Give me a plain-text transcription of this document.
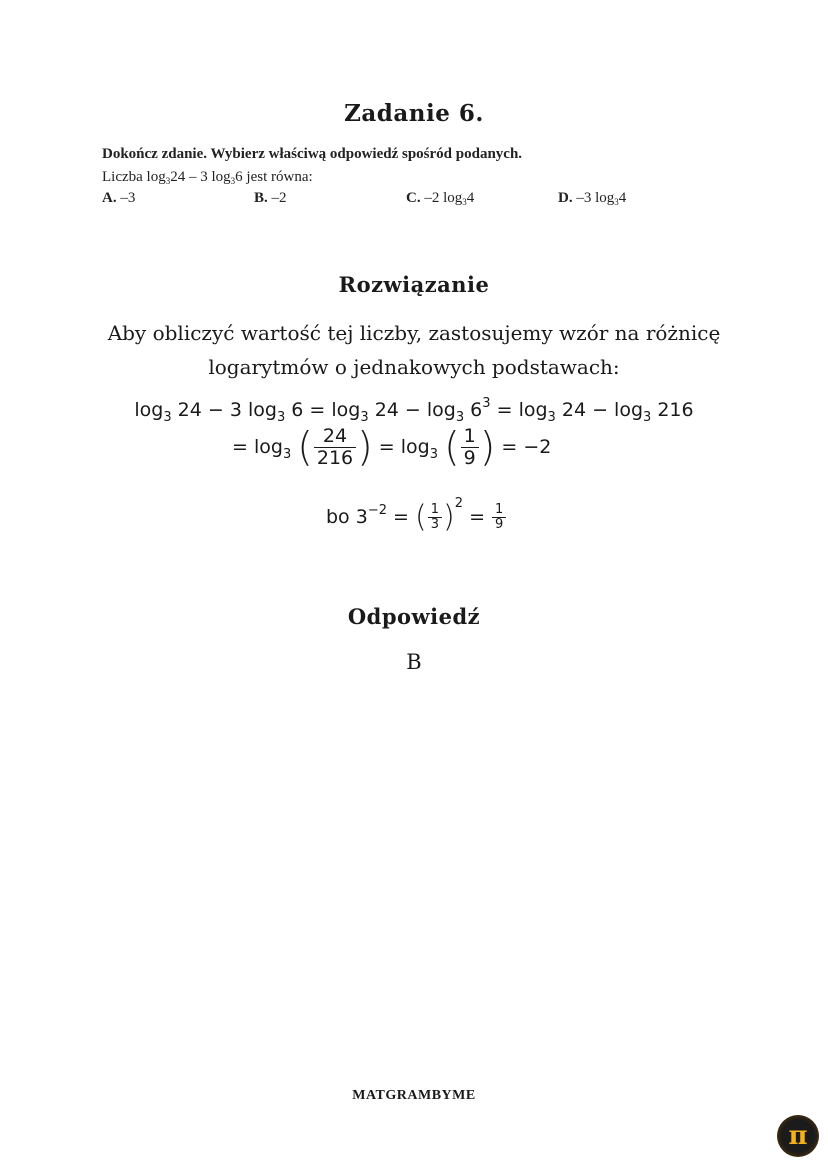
Zadanie 6.
Dokończ zdanie. Wybierz właściwą odpowiedź spośród podanych.
Liczba $\log_324 - 3$ $\log_36$ jest równa:
A. –3	B. –2	C. –2 $\log_34$	D. –3 $\log_34$
Rozwiązanie
Aby obliczyć wartość tej liczby, zastosujemy wzór na różnicę
logarytmów o jednakowych podstawach:
$\log_3 24 - 3$ $\log_3 6 = \log_3 24 - \log_3 6^3 = \log_3 24 - \log_3 216$
= $\log_3$ ( $\frac{24}{216}$ ) = $\log_3$ ( $\frac{1}{9}$ ) = −2
bo $3^{-2}$ = ( $\frac{1}{3} )^2 = \frac{1}{9}$
Odpowiedź
B
MATGRAMBYME
π
